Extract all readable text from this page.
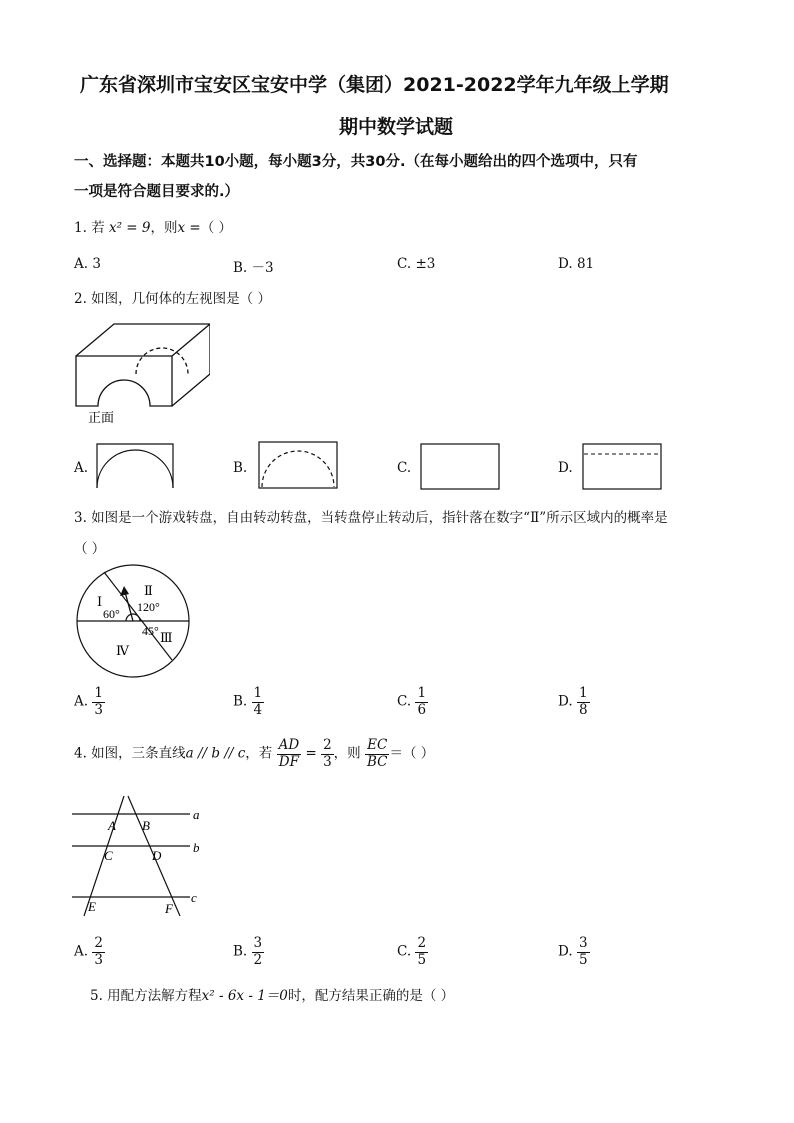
广东省深圳市宝安区宝安中学（集团）2021-2022学年九年级上学期
期中数学试题
一、选择题：本题共10小题，每小题3分，共30分.（在每小题给出的四个选项中，只有
一项是符合题目要求的.）
1. 若 x² = 9，则x =（ ）
A. 3	B. －3	C. ±3	D. 81
2. 如图，几何体的左视图是（ ）
正面
A.	B.	C.	D.
3. 如图是一个游戏转盘，自由转动转盘，当转盘停止转动后，指针落在数字“Ⅱ”所示区域内的概率是
（ ）
Ⅰ
Ⅱ
Ⅲ
Ⅳ
60° 120°
45°
A. $\frac{1}{3}$	B. $\frac{1}{4}$	C. $\frac{1}{6}$	D. $\frac{1}{8}$
4. 如图，三条直线a // b // c，若 $\frac{AD}{DF} = \frac{2}{3}$ ，则 $\frac{EC}{BC}$ ＝（ ）
A B
C	D
E	F
a
b
c
A. $\frac{2}{3}$	B. $\frac{3}{2}$	C. $\frac{2}{5}$	D. $\frac{3}{5}$
5. 用配方法解方程x² - 6x - 1＝0时，配方结果正确的是（ ）
